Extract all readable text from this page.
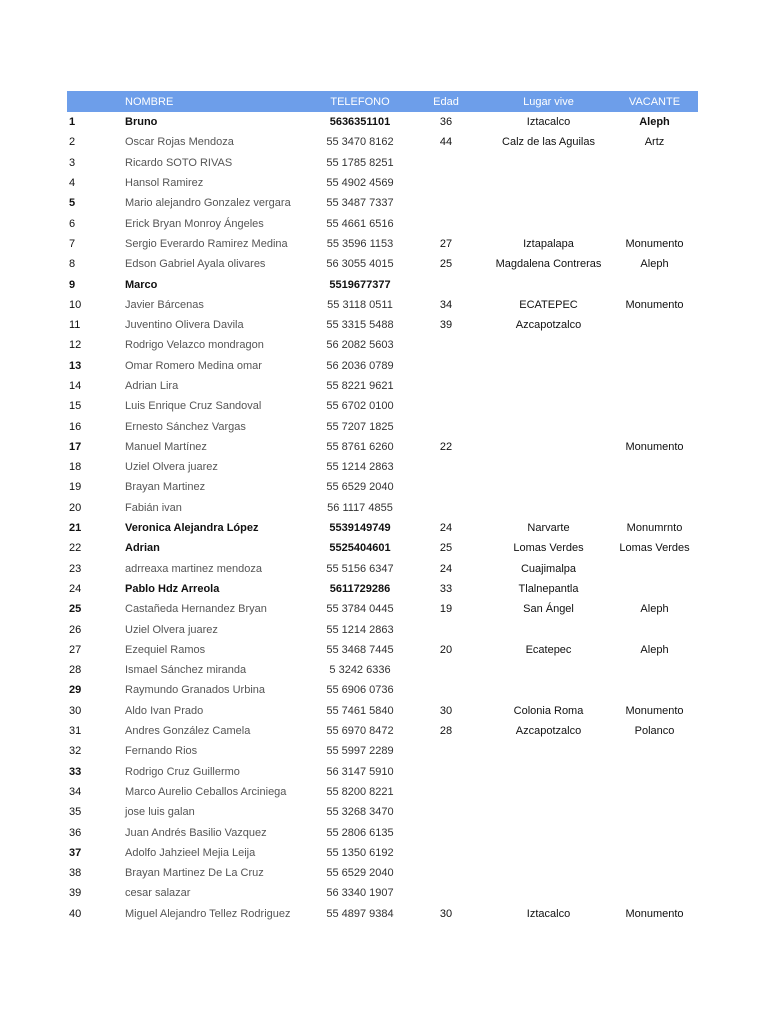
	NOMBRE	TELEFONO	Edad	Lugar vive	VACANTE
1	Bruno	5636351101	36	Iztacalco	Aleph
2	Oscar Rojas Mendoza	55 3470 8162	44	Calz de las Aguilas	Artz
3	Ricardo SOTO RIVAS	55 1785 8251			
4	Hansol Ramirez	55 4902 4569			
5	Mario alejandro Gonzalez vergara	55 3487 7337			
6	Erick Bryan Monroy Ángeles	55 4661 6516			
7	Sergio Everardo Ramirez Medina	55 3596 1153	27	Iztapalapa	Monumento
8	Edson Gabriel Ayala olivares	56 3055 4015	25	Magdalena Contreras	Aleph
9	Marco	5519677377			
10	Javier Bárcenas	55 3118 0511	34	ECATEPEC	Monumento
11	Juventino Olivera Davila	55 3315 5488	39	Azcapotzalco	
12	Rodrigo Velazco mondragon	56 2082 5603			
13	Omar Romero Medina omar	56 2036 0789			
14	Adrian Lira	55 8221 9621			
15	Luis Enrique Cruz Sandoval	55 6702 0100			
16	Ernesto Sánchez Vargas	55 7207 1825			
17	Manuel Martínez	55 8761 6260	22		Monumento
18	Uziel Olvera juarez	55 1214 2863			
19	Brayan Martinez	55 6529 2040			
20	Fabián ivan	56 1117 4855			
21	Veronica Alejandra López	5539149749	24	Narvarte	Monumrnto
22	Adrian	5525404601	25	Lomas Verdes	Lomas Verdes
23	adrreaxa martinez mendoza	55 5156 6347	24	Cuajimalpa	
24	Pablo Hdz Arreola	5611729286	33	Tlalnepantla	
25	Castañeda Hernandez Bryan	55 3784 0445	19	San Ángel	Aleph
26	Uziel Olvera juarez	55 1214 2863			
27	Ezequiel Ramos	55 3468 7445	20	Ecatepec	Aleph
28	Ismael Sánchez miranda	5 3242 6336			
29	Raymundo Granados Urbina	55 6906 0736			
30	Aldo Ivan Prado	55 7461 5840	30	Colonia Roma	Monumento
31	Andres González Camela	55 6970 8472	28	Azcapotzalco	Polanco
32	Fernando Rios	55 5997 2289			
33	Rodrigo Cruz Guillermo	56 3147 5910			
34	Marco Aurelio Ceballos Arciniega	55 8200 8221			
35	jose luis galan	55 3268 3470			
36	Juan Andrés Basilio Vazquez	55 2806 6135			
37	Adolfo Jahzieel Mejia Leija	55 1350 6192			
38	Brayan Martinez De La Cruz	55 6529 2040			
39	cesar salazar	56 3340 1907			
40	Miguel Alejandro Tellez Rodriguez	55 4897 9384	30	Iztacalco	Monumento
